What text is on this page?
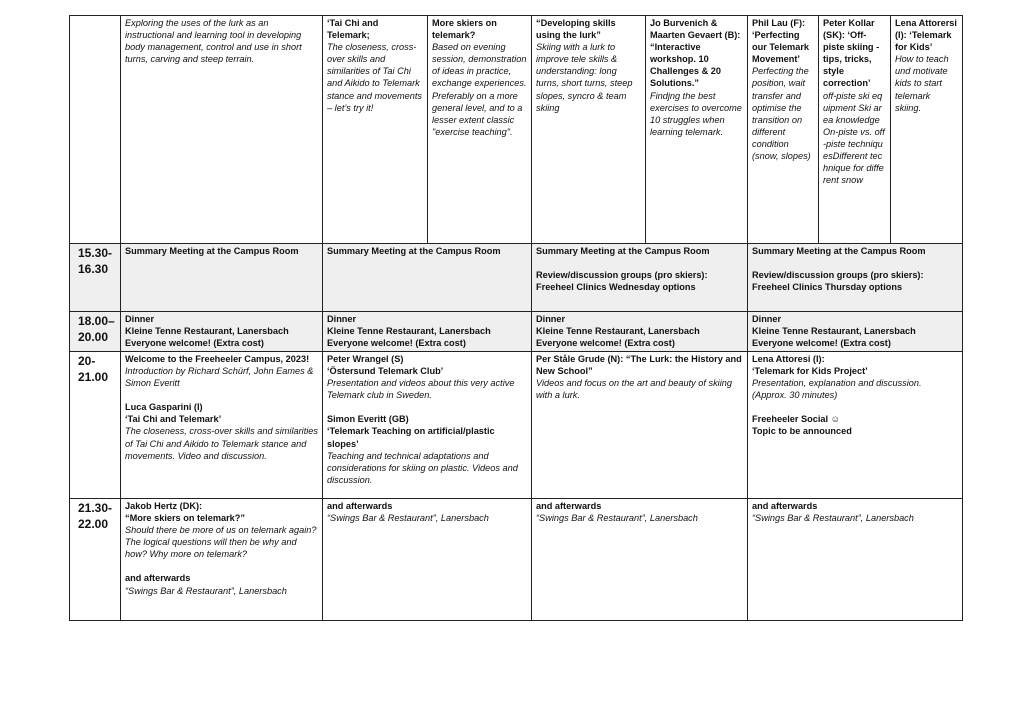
Exploring the uses of the lurk as an instructional and learning tool in developing body management, control and use in short turns, carving and steep terrain.
‘Tai Chi and Telemark;
The closeness, cross-over skills and similarities of Tai Chi and Aikido to Telemark stance and movements – let’s try it!
More skiers on telemark?
Based on evening session, demonstration of ideas in practice, exchange experiences. Preferably on a more general level, and to a lesser extent classic "exercise teaching".
“Developing skills using the lurk”
Skiing with a lurk to improve tele skills & understanding: long turns, short turns, steep slopes, syncro & team skiing
Jo Burvenich & Maarten Gevaert (B): “Interactive workshop. 10 Challenges & 20 Solutions.”
Findjng the best exercises to overcome 10 struggles when learning telemark.
Phil Lau (F): ‘Perfecting our Telemark Movement’
Perfecting the position, wait transfer and optimise the transition on different condition (snow, slopes)
Peter Kollar (SK): ‘Off-piste skiing - tips, tricks, style correction’
off-piste ski equipment Ski area knowledgeOn-piste vs. off-piste techniquesDifferent technique for different snow
Lena Attorersi (I): ‘Telemark for Kids’
How to teach und motivate kids to start telemark skiing.
15.30-16.30
Summary Meeting at the Campus Room	Summary Meeting at the Campus Room	Summary Meeting at the Campus Room
Review/discussion groups (pro skiers): Freeheel Clinics Wednesday options
Summary Meeting at the Campus Room
Review/discussion groups (pro skiers): Freeheel Clinics Thursday options
18.00–20.00
Dinner
Kleine Tenne Restaurant, Lanersbach
Everyone welcome! (Extra cost)
Dinner
Kleine Tenne Restaurant, Lanersbach
Everyone welcome! (Extra cost)
Dinner
Kleine Tenne Restaurant, Lanersbach
Everyone welcome! (Extra cost)
Dinner
Kleine Tenne Restaurant, Lanersbach
Everyone welcome! (Extra cost)
20-21.00
Welcome to the Freeheeler Campus, 2023!
Introduction by Richard Schürf, John Eames & Simon Everitt
Luca Gasparini (I)
‘Tai Chi and Telemark’
The closeness, cross-over skills and similarities of Tai Chi and Aikido to Telemark stance and movements. Video and discussion.
Peter Wrangel (S)
‘Östersund Telemark Club’
Presentation and videos about this very active Telemark club in Sweden.
Simon Everitt (GB)
‘Telemark Teaching on artificial/plastic slopes’
Teaching and technical adaptations and considerations for skiing on plastic. Videos and discussion.
Per Ståle Grude (N): “The Lurk: the History and New School”
Videos and focus on the art and beauty of skiing with a lurk.
Lena Attoresi (I):
‘Telemark for Kids Project’
Presentation, explanation and discussion. (Approx. 30 minutes)
Freeheeler Social ☺
Topic to be announced
21.30-22.00
Jakob Hertz (DK):
“More skiers on telemark?”
Should there be more of us on telemark again? The logical questions will then be why and how? Why more on telemark?
and afterwards
“Swings Bar & Restaurant”, Lanersbach
and afterwards
“Swings Bar & Restaurant”, Lanersbach
and afterwards
“Swings Bar & Restaurant”, Lanersbach
and afterwards
“Swings Bar & Restaurant”, Lanersbach
